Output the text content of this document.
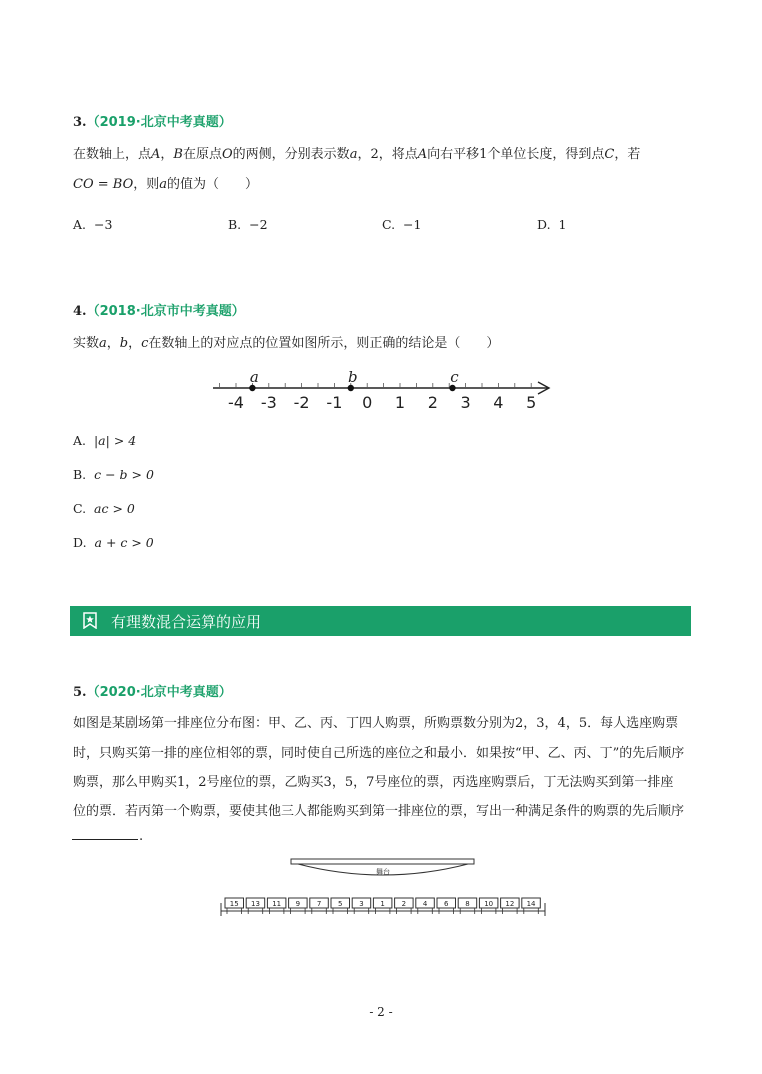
3.（2019·北京中考真题）
在数轴上，点A，B在原点O的两侧，分别表示数a，2，将点A向右平移1个单位长度，得到点C，若
CO = BO，则a的值为（　　）
A. −3	B. −2	C. −1	D. 1
4.（2018·北京市中考真题）
实数a，b，c在数轴上的对应点的位置如图所示，则正确的结论是（　　）
-4 -3 -2 -1 0 1 2 3 4 5
a	b	c
A. |a| > 4
B. c − b > 0
C. ac > 0
D. a + c > 0
有理数混合运算的应用
5.（2020·北京中考真题）
如图是某剧场第一排座位分布图：甲、乙、丙、丁四人购票，所购票数分别为2，3，4，5．每人选座购票
时，只购买第一排的座位相邻的票，同时使自己所选的座位之和最小．如果按“甲、乙、丙、丁”的先后顺序
购票，那么甲购买1，2号座位的票，乙购买3，5，7号座位的票，丙选座购票后，丁无法购买到第一排座
位的票．若丙第一个购票，要使其他三人都能购买到第一排座位的票，写出一种满足条件的购票的先后顺序
.
舞台
15 13 11 9 7 5 3 1 2 4 6 8 10 12 14
- 2 -
